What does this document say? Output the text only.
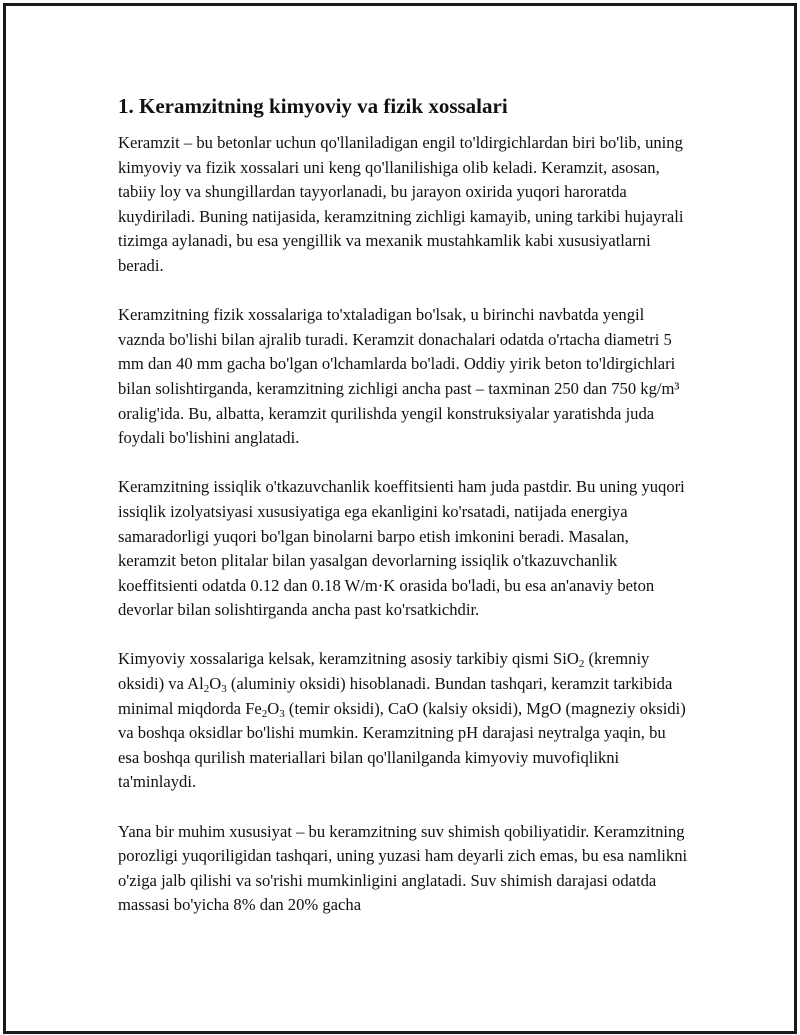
1. Keramzitning kimyoviy va fizik xossalari

Keramzit – bu betonlar uchun qo'llaniladigan engil to'ldirgichlardan biri bo'lib, uning kimyoviy va fizik xossalari uni keng qo'llanilishiga olib keladi. Keramzit, asosan, tabiiy loy va shungillardan tayyorlanadi, bu jarayon oxirida yuqori haroratda kuydiriladi. Buning natijasida, keramzitning zichligi kamayib, uning tarkibi hujayrali tizimga aylanadi, bu esa yengillik va mexanik mustahkamlik kabi xususiyatlarni beradi.

Keramzitning fizik xossalariga to'xtaladigan bo'lsak, u birinchi navbatda yengil vaznda bo'lishi bilan ajralib turadi. Keramzit donachalari odatda o'rtacha diametri 5 mm dan 40 mm gacha bo'lgan o'lchamlarda bo'ladi. Oddiy yirik beton to'ldirgichlari bilan solishtirganda, keramzitning zichligi ancha past – taxminan 250 dan 750 kg/m³ oralig'ida. Bu, albatta, keramzit qurilishda yengil konstruksiyalar yaratishda juda foydali bo'lishini anglatadi.

Keramzitning issiqlik o'tkazuvchanlik koeffitsienti ham juda pastdir. Bu uning yuqori issiqlik izolyatsiyasi xususiyatiga ega ekanligini ko'rsatadi, natijada energiya samaradorligi yuqori bo'lgan binolarni barpo etish imkonini beradi. Masalan, keramzit beton plitalar bilan yasalgan devorlarning issiqlik o'tkazuvchanlik koeffitsienti odatda 0.12 dan 0.18 W/m·K orasida bo'ladi, bu esa an'anaviy beton devorlar bilan solishtirganda ancha past ko'rsatkichdir.

Kimyoviy xossalariga kelsak, keramzitning asosiy tarkibiy qismi SiO$_2$ (kremniy oksidi) va $Al_2O_3$ (aluminiy oksidi) hisoblanadi. Bundan tashqari, keramzit tarkibida minimal miqdorda $Fe_2O_3$ (temir oksidi), CaO (kalsiy oksidi), MgO (magneziy oksidi) va boshqa oksidlar bo'lishi mumkin. Keramzitning pH darajasi neytralga yaqin, bu esa boshqa qurilish materiallari bilan qo'llanilganda kimyoviy muvofiqlikni ta'minlaydi.

Yana bir muhim xususiyat – bu keramzitning suv shimish qobiliyatidir. Keramzitning porozligi yuqoriligidan tashqari, uning yuzasi ham deyarli zich emas, bu esa namlikni o'ziga jalb qilishi va so'rishi mumkinligini anglatadi. Suv shimish darajasi odatda massasi bo'yicha 8% dan 20% gacha
